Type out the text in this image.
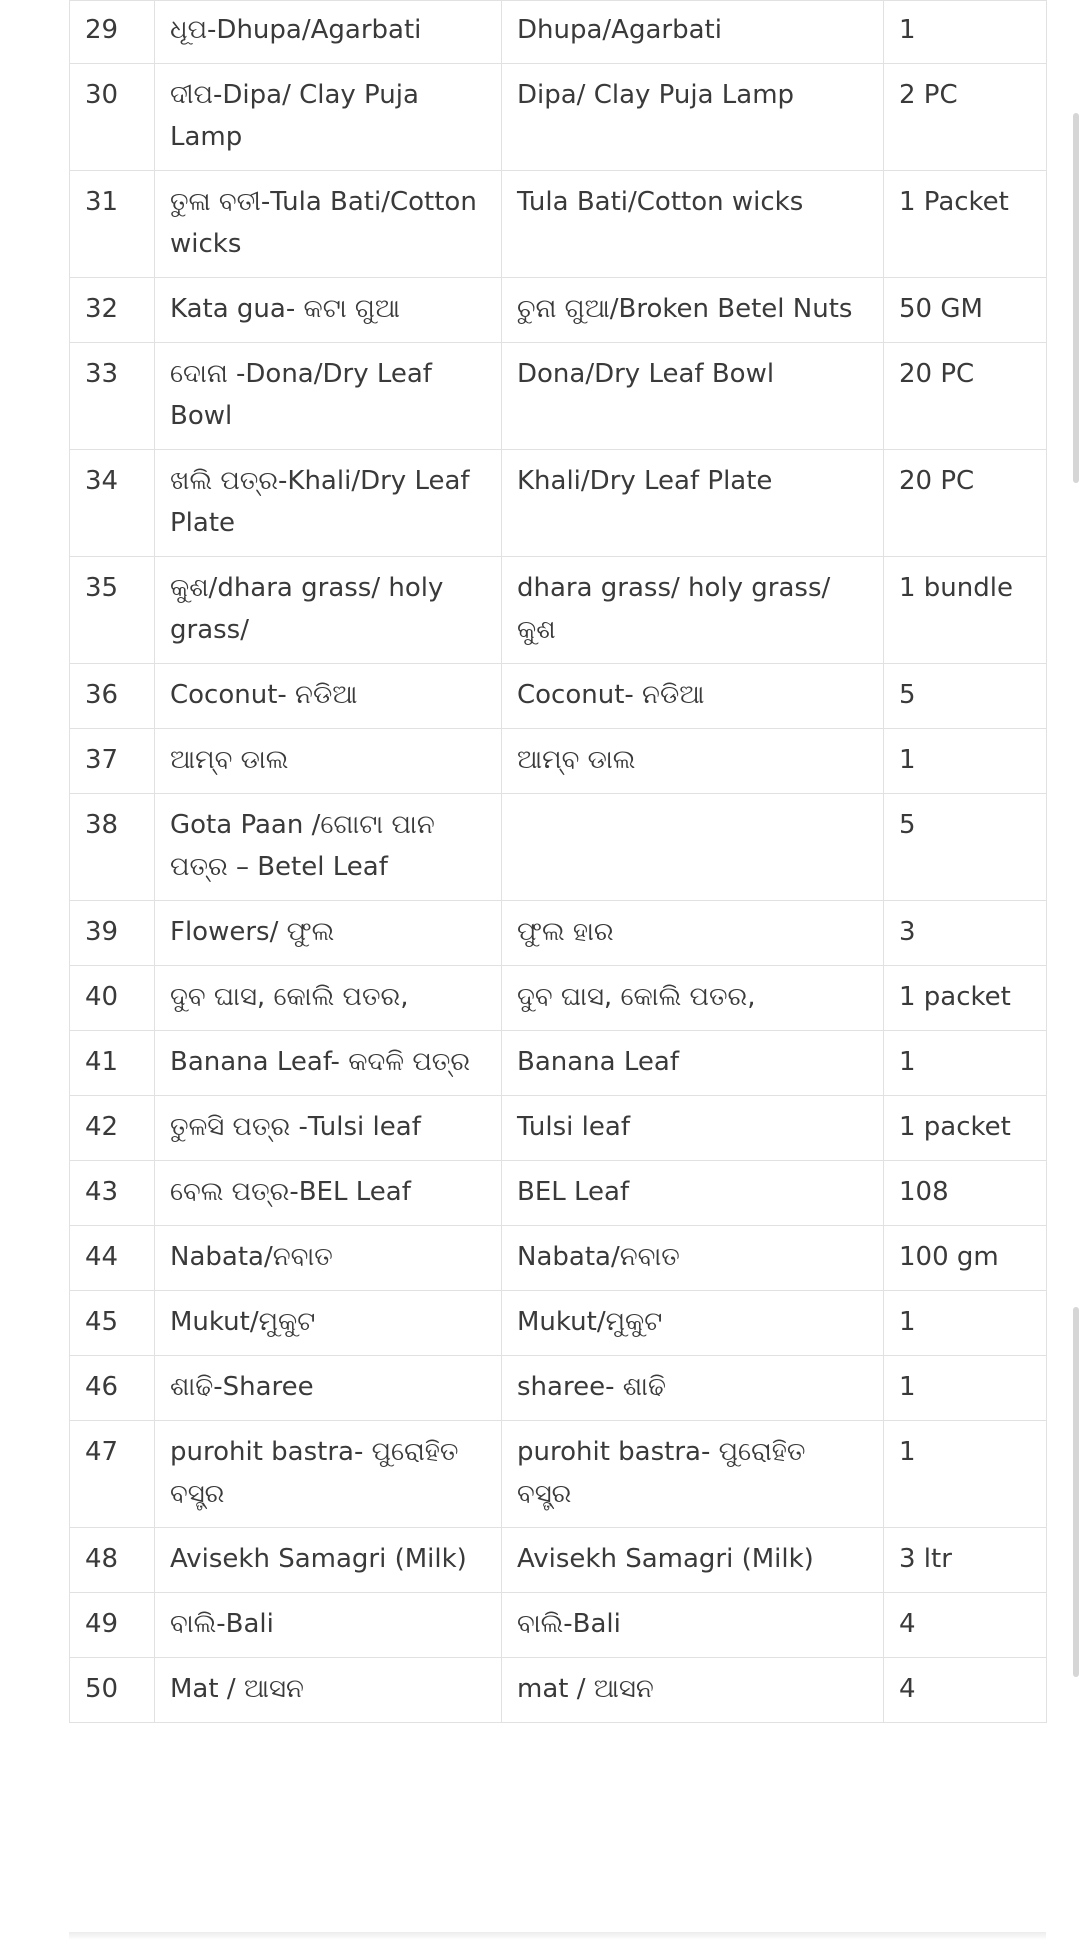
29	ଧୂପ-Dhupa/Agarbati	Dhupa/Agarbati	1
30	ଦୀପ-Dipa/ Clay Puja Lamp	Dipa/ Clay Puja Lamp	2 PC
31	ତୁଳା ବତୀ-Tula Bati/Cotton wicks	Tula Bati/Cotton wicks	1 Packet
32	Kata gua- କଟା ଗୁଆ	ଚୁନା ଗୁଆ/Broken Betel Nuts	50 GM
33	ଦୋନା -Dona/Dry Leaf Bowl	Dona/Dry Leaf Bowl	20 PC
34	ଖଲି ପତ୍ର-Khali/Dry Leaf Plate	Khali/Dry Leaf Plate	20 PC
35	କୁଶ/dhara grass/ holy grass/	dhara grass/ holy grass/ କୁଶ	1 bundle
36	Coconut- ନଡିଆ	Coconut- ନଡିଆ	5
37	ଆମ୍ବ ଡାଲ	ଆମ୍ବ ଡାଲ	1
38	Gota Paan /ଗୋଟା ପାନ ପତ୍ର – Betel Leaf		5
39	Flowers/ ଫୁଲ	ଫୁଲ ହାର	3
40	ଦୁବ ଘାସ, କୋଲି ପତର,	ଦୁବ ଘାସ, କୋଲି ପତର,	1 packet
41	Banana Leaf- କଦଳି ପତ୍ର	Banana Leaf	1
42	ତୁଳସି ପତ୍ର -Tulsi leaf	Tulsi leaf	1 packet
43	ବେଲ ପତ୍ର-BEL Leaf	BEL Leaf	108
44	Nabata/ନବାତ	Nabata/ନବାତ	100 gm
45	Mukut/ମୁକୁଟ	Mukut/ମୁକୁଟ	1
46	ଶାଢି-Sharee	sharee- ଶାଢି	1
47	purohit bastra- ପୁରୋହିତ ବସ୍ତ୍ର	purohit bastra- ପୁରୋହିତ ବସ୍ତ୍ର	1
48	Avisekh Samagri (Milk)	Avisekh Samagri (Milk)	3 ltr
49	ବାଲି-Bali	ବାଲି-Bali	4
50	Mat / ଆସନ	mat / ଆସନ	4
